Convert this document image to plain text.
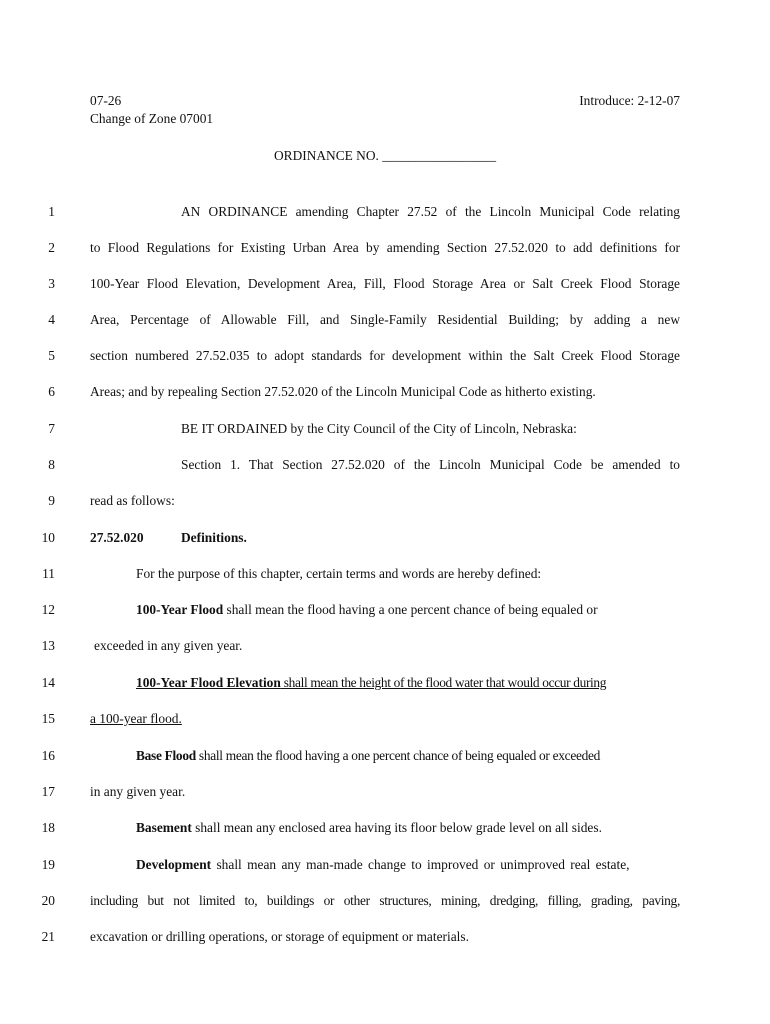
07-26
Change of Zone 07001
Introduce: 2-12-07
ORDINANCE NO. _________________
1	AN ORDINANCE amending Chapter 27.52 of the Lincoln Municipal Code relating
2	to Flood Regulations for Existing Urban Area by amending Section 27.52.020 to add definitions for
3	100-Year Flood Elevation, Development Area, Fill, Flood Storage Area or Salt Creek Flood Storage
4	Area, Percentage of Allowable Fill, and Single-Family Residential Building; by adding a new
5	section numbered 27.52.035 to adopt standards for development within the Salt Creek Flood Storage
6	Areas; and by repealing Section 27.52.020 of the Lincoln Municipal Code as hitherto existing.
7	BE IT ORDAINED by the City Council of the City of Lincoln, Nebraska:
8	Section 1. That Section 27.52.020 of the Lincoln Municipal Code be amended to
9	read as follows:
10	27.52.020	Definitions.
11	For the purpose of this chapter, certain terms and words are hereby defined:
12	100-Year Flood shall mean the flood having a one percent chance of being equaled or
13	exceeded in any given year.
14	100-Year Flood Elevation shall mean the height of the flood water that would occur during
15	a 100-year flood.
16	Base Flood shall mean the flood having a one percent chance of being equaled or exceeded
17	in any given year.
18	Basement shall mean any enclosed area having its floor below grade level on all sides.
19	Development shall mean any man-made change to improved or unimproved real estate,
20	including but not limited to, buildings or other structures, mining, dredging, filling, grading, paving,
21	excavation or drilling operations, or storage of equipment or materials.
